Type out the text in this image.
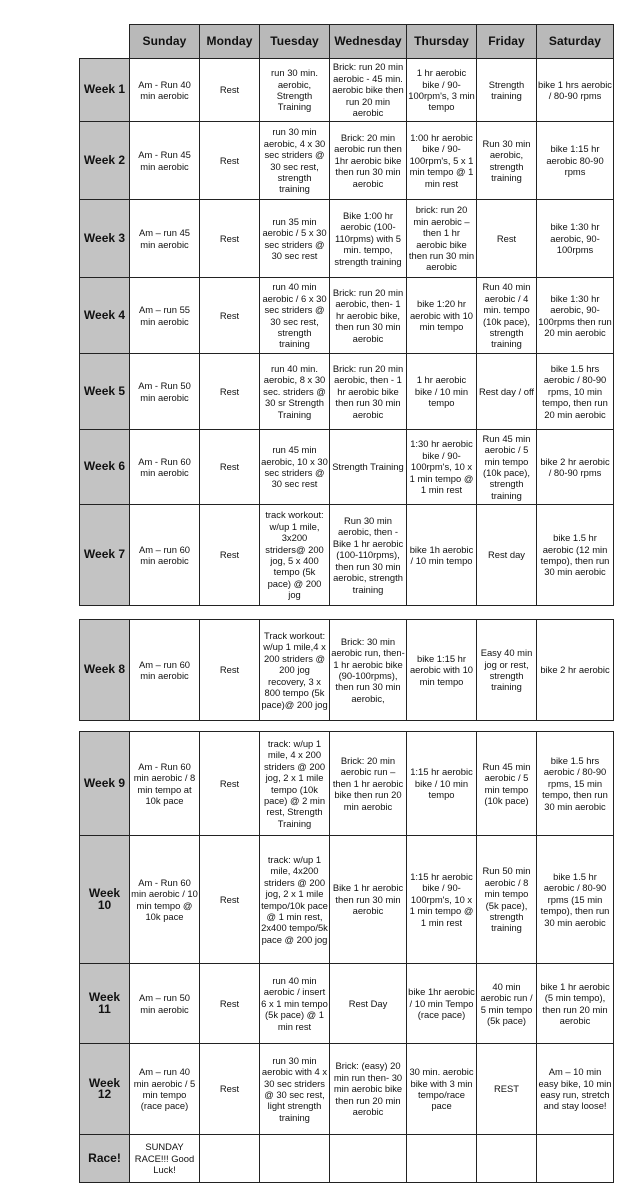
	Sunday	Monday	Tuesday	Wednesday	Thursday	Friday	Saturday
Week 1	Am - Run 40 min aerobic	Rest	run 30 min. aerobic, Strength Training	Brick: run 20 min aerobic - 45 min. aerobic bike then run 20 min aerobic	1 hr aerobic bike / 90-100rpm's, 3 min tempo	Strength training	bike 1 hrs aerobic / 80-90 rpms
Week 2	Am - Run 45 min aerobic	Rest	run 30 min aerobic, 4 x 30 sec striders @ 30 sec rest, strength training	Brick: 20 min aerobic run then 1hr aerobic bike then run 30 min aerobic	1:00 hr aerobic bike / 90-100rpm's, 5 x 1 min tempo @ 1 min rest	Run 30 min aerobic, strength training	bike 1:15 hr aerobic 80-90 rpms
Week 3	Am – run 45 min aerobic	Rest	run 35 min aerobic / 5 x 30 sec striders @ 30 sec rest	Bike 1:00 hr aerobic (100-110rpms) with 5 min. tempo, strength training	brick: run 20 min aerobic – then 1 hr aerobic bike then run 30 min aerobic	Rest	bike 1:30 hr aerobic, 90-100rpms
Week 4	Am – run 55 min aerobic	Rest	run 40 min aerobic / 6 x 30 sec striders @ 30 sec rest, strength training	Brick: run 20 min aerobic, then- 1 hr aerobic bike, then run 30 min aerobic	bike 1:20 hr aerobic with 10 min tempo	Run 40 min aerobic / 4 min. tempo (10k pace), strength training	bike 1:30 hr aerobic, 90-100rpms then run 20 min aerobic
Week 5	Am - Run 50 min aerobic	Rest	run 40 min. aerobic, 8 x 30 sec. striders @ 30 sr Strength Training	Brick: run 20 min aerobic, then - 1 hr aerobic bike then run 30 min aerobic	1 hr aerobic bike / 10 min tempo	Rest day / off	bike 1.5 hrs aerobic / 80-90 rpms, 10 min tempo, then run 20 min aerobic
Week 6	Am - Run 60 min aerobic	Rest	run 45 min aerobic, 10 x 30 sec striders @ 30 sec rest	Strength Training	1:30 hr aerobic bike / 90-100rpm's, 10 x 1 min tempo @ 1 min rest	Run 45 min aerobic / 5 min tempo (10k pace), strength training	bike 2 hr aerobic / 80-90 rpms
Week 7	Am – run 60 min aerobic	Rest	track workout: w/up 1 mile, 3x200 striders@ 200 jog, 5 x 400 tempo (5k pace) @ 200 jog	Run 30 min aerobic, then - Bike 1 hr aerobic (100-110rpms), then run 30 min aerobic, strength training	bike 1h aerobic / 10 min tempo	Rest day	bike 1.5 hr aerobic (12 min tempo), then run 30 min aerobic
Week 8	Am – run 60 min aerobic	Rest	Track workout: w/up 1 mile,4 x 200 striders @ 200 jog recovery, 3 x 800 tempo (5k pace)@ 200 jog	Brick: 30 min aerobic run, then- 1 hr aerobic bike (90-100rpms), then run 30 min aerobic,	bike 1:15 hr aerobic with 10 min tempo	Easy 40 min jog or rest, strength training	bike 2 hr aerobic
Week 9	Am - Run 60 min aerobic / 8 min tempo at 10k pace	Rest	track: w/up 1 mile, 4 x 200 striders @ 200 jog, 2 x 1 mile tempo (10k pace) @ 2 min rest, Strength Training	Brick: 20 min aerobic run – then 1 hr aerobic bike then run 20 min aerobic	1:15 hr aerobic bike / 10 min tempo	Run 45 min aerobic / 5 min tempo (10k pace)	bike 1.5 hrs aerobic / 80-90 rpms, 15 min tempo, then run 30 min aerobic
Week 10	Am - Run 60 min aerobic / 10 min tempo @ 10k pace	Rest	track: w/up 1 mile, 4x200 striders @ 200 jog, 2 x 1 mile tempo/10k pace @ 1 min rest, 2x400 tempo/5k pace @ 200 jog	Bike 1 hr aerobic then run 30 min aerobic	1:15 hr aerobic bike / 90-100rpm's, 10 x 1 min tempo @ 1 min rest	Run 50 min aerobic / 8 min tempo (5k pace), strength training	bike 1.5 hr aerobic / 80-90 rpms (15 min tempo), then run 30 min aerobic
Week 11	Am – run 50 min aerobic	Rest	run 40 min aerobic / insert 6 x 1 min tempo (5k pace) @ 1 min rest	Rest Day	bike 1hr aerobic / 10 min Tempo (race pace)	40 min aerobic run / 5 min tempo (5k pace)	bike 1 hr aerobic (5 min tempo), then run 20 min aerobic
Week 12	Am – run 40 min aerobic / 5 min tempo (race pace)	Rest	run 30 min aerobic with 4 x 30 sec striders @ 30 sec rest, light strength training	Brick: (easy) 20 min run then- 30 min aerobic bike then run 20 min aerobic	30 min. aerobic bike with 3 min tempo/race pace	REST	Am – 10 min easy bike, 10 min easy run, stretch and stay loose!
Race!	SUNDAY RACE!!! Good Luck!						
